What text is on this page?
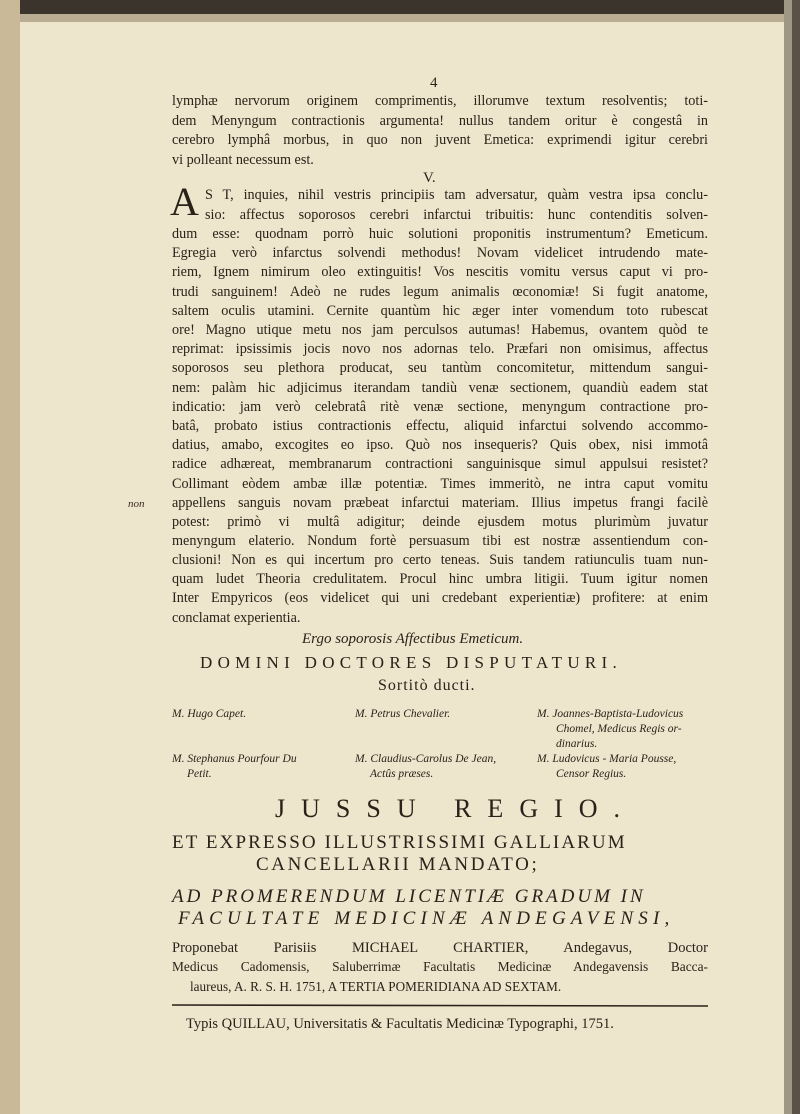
4
lymphæ nervorum originem comprimentis, illorumve textum resolventis; toti-
dem Menyngum contractionis argumenta! nullus tandem oritur è congestâ in
cerebro lymphâ morbus, in quo non juvent Emetica: exprimendi igitur cerebri
vi polleant necessum est.
V.
A S T, inquies, nihil vestris principiis tam adversatur, quàm vestra ipsa conclu-
sio: affectus soporosos cerebri infarctui tribuitis: hunc contenditis solven-
dum esse: quodnam porrò huic solutioni proponitis instrumentum? Emeticum.
Egregia verò infarctus solvendi methodus! Novam videlicet intrudendo mate-
riem, Ignem nimirum oleo extinguitis! Vos nescitis vomitu versus caput vi pro-
trudi sanguinem! Adeò ne rudes legum animalis œconomiæ! Si fugit anatome,
saltem oculis utamini. Cernite quantùm hic æger inter vomendum toto rubescat
ore! Magno utique metu nos jam perculsos autumas! Habemus, ovantem quòd te
reprimat: ipsissimis jocis novo nos adornas telo. Præfari non omisimus, affectus
soporosos seu plethora producat, seu tantùm concomitetur, mittendum sangui-
nem: palàm hic adjicimus iterandam tandiù venæ sectionem, quandiù eadem stat
indicatio: jam verò celebratâ ritè venæ sectione, menyngum contractione pro-
batâ, probato istius contractionis effectu, aliquid infarctui solvendo accommo-
datius, amabo, excogites eo ipso. Quò nos insequeris? Quis obex, nisi immotâ
radice adhæreat, membranarum contractioni sanguinisque simul appulsui resistet?
Collimant eòdem ambæ illæ potentiæ. Times immeritò, ne intra caput vomitu
appellens sanguis novam præbeat infarctui materiam. Illius impetus frangi facilè
potest: primò vi multâ adigitur; deinde ejusdem motus plurimùm juvatur
menyngum elaterio. Nondum fortè persuasum tibi est nostræ assentiendum con-
clusioni! Non es qui incertum pro certo teneas. Suis tandem ratiunculis tuam nun-
quam ludet Theoria credulitatem. Procul hinc umbra litigii. Tuum igitur nomen
Inter Empyricos (eos videlicet qui uni credebant experientiæ) profitere: at enim
conclamat experientia.
non
Ergo soporosis Affectibus Emeticum.
DOMINI DOCTORES DISPUTATURI.
Sortitò ducti.
M. Hugo Capet.	M. Petrus Chevalier.	M. Joannes-Baptista-Ludovicus
Chomel, Medicus Regis or-
dinarius.
M. Stephanus Pourfour Du
Petit.
M. Claudius-Carolus De Jean,
Actûs præses.
M. Ludovicus - Maria Pousse,
Censor Regius.
JUSSU REGIO.
ET EXPRESSO ILLUSTRISSIMI GALLIARUM
CANCELLARII MANDATO;
AD PROMERENDUM LICENTIÆ GRADUM IN
FACULTATE MEDICINÆ ANDEGAVENSI,
Proponebat Parisiis MICHAEL CHARTIER, Andegavus, Doctor
Medicus Cadomensis, Saluberrimæ Facultatis Medicinæ Andegavensis Bacca-
laureus, A. R. S. H. 1751, A TERTIA POMERIDIANA AD SEXTAM.
Typis QUILLAU, Universitatis & Facultatis Medicinæ Typographi, 1751.
